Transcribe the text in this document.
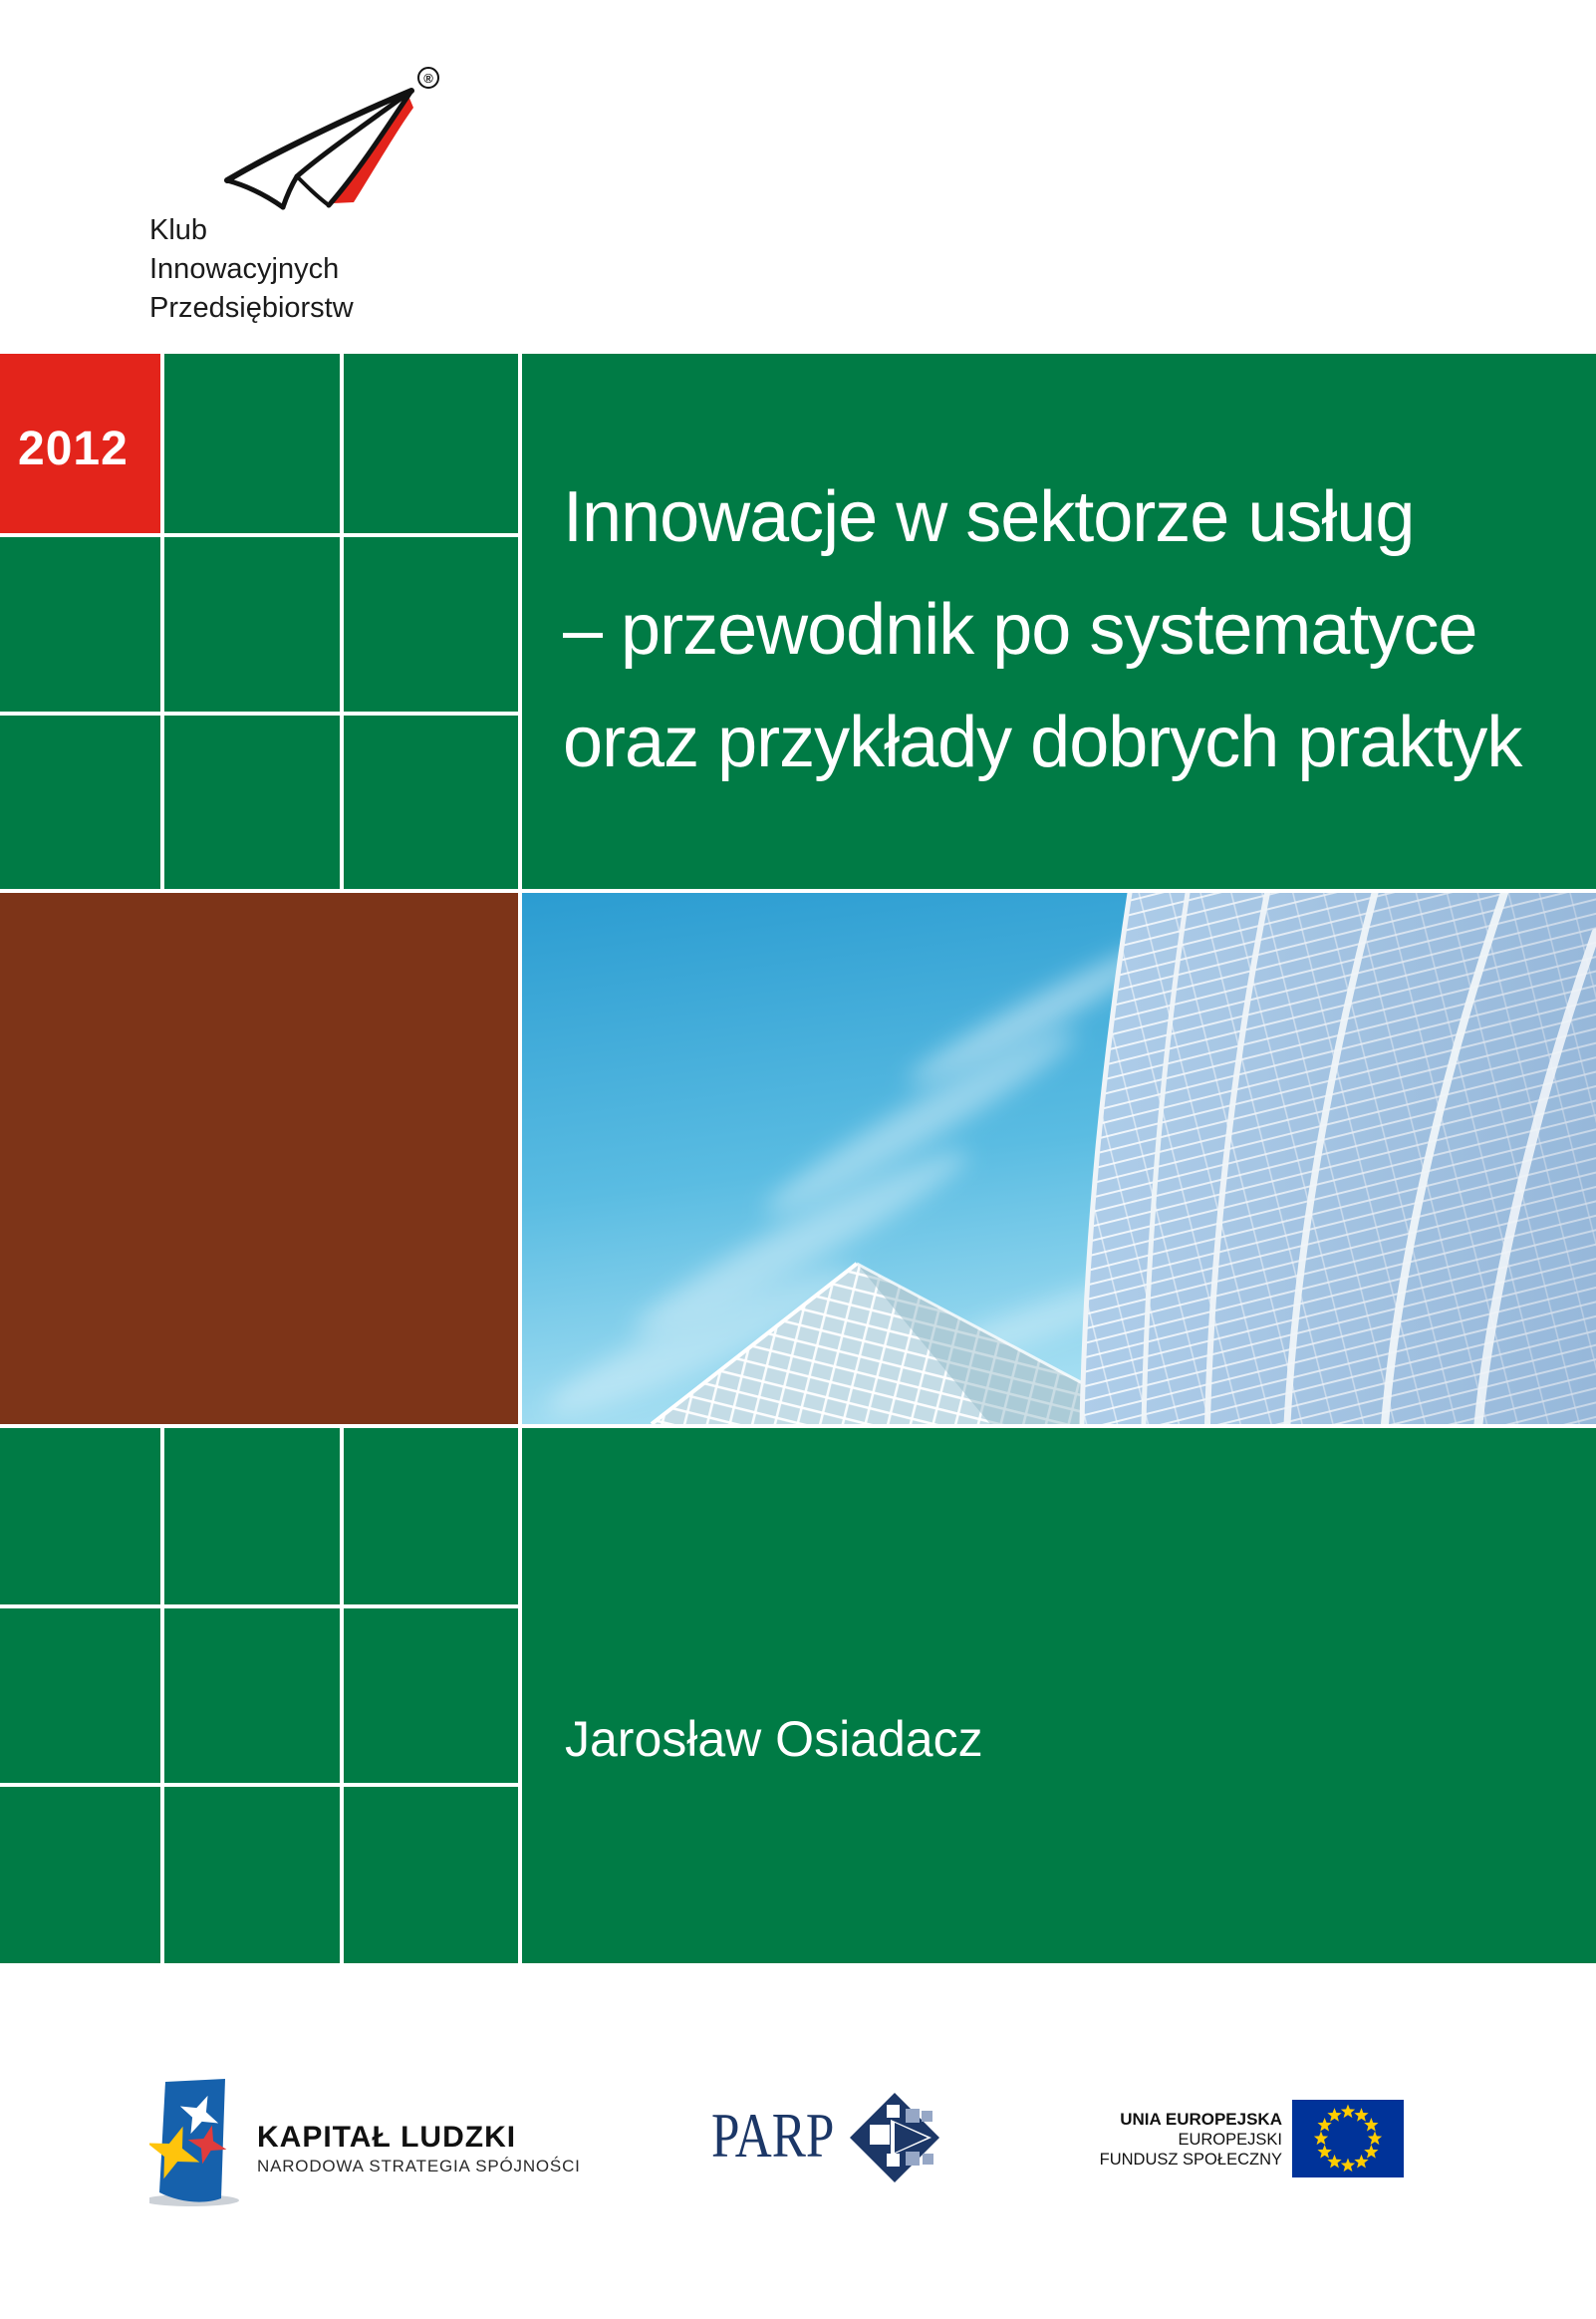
®
Klub
Innowacyjnych
Przedsiębiorstw
2012
Innowacje w sektorze usług
– przewodnik po systematyce
oraz przykłady dobrych praktyk
Jarosław Osiadacz
KAPITAŁ LUDZKI
NARODOWA STRATEGIA SPÓJNOŚCI PARP	UNIA EUROPEJSKA
EUROPEJSKI
FUNDUSZ SPOŁECZNY
